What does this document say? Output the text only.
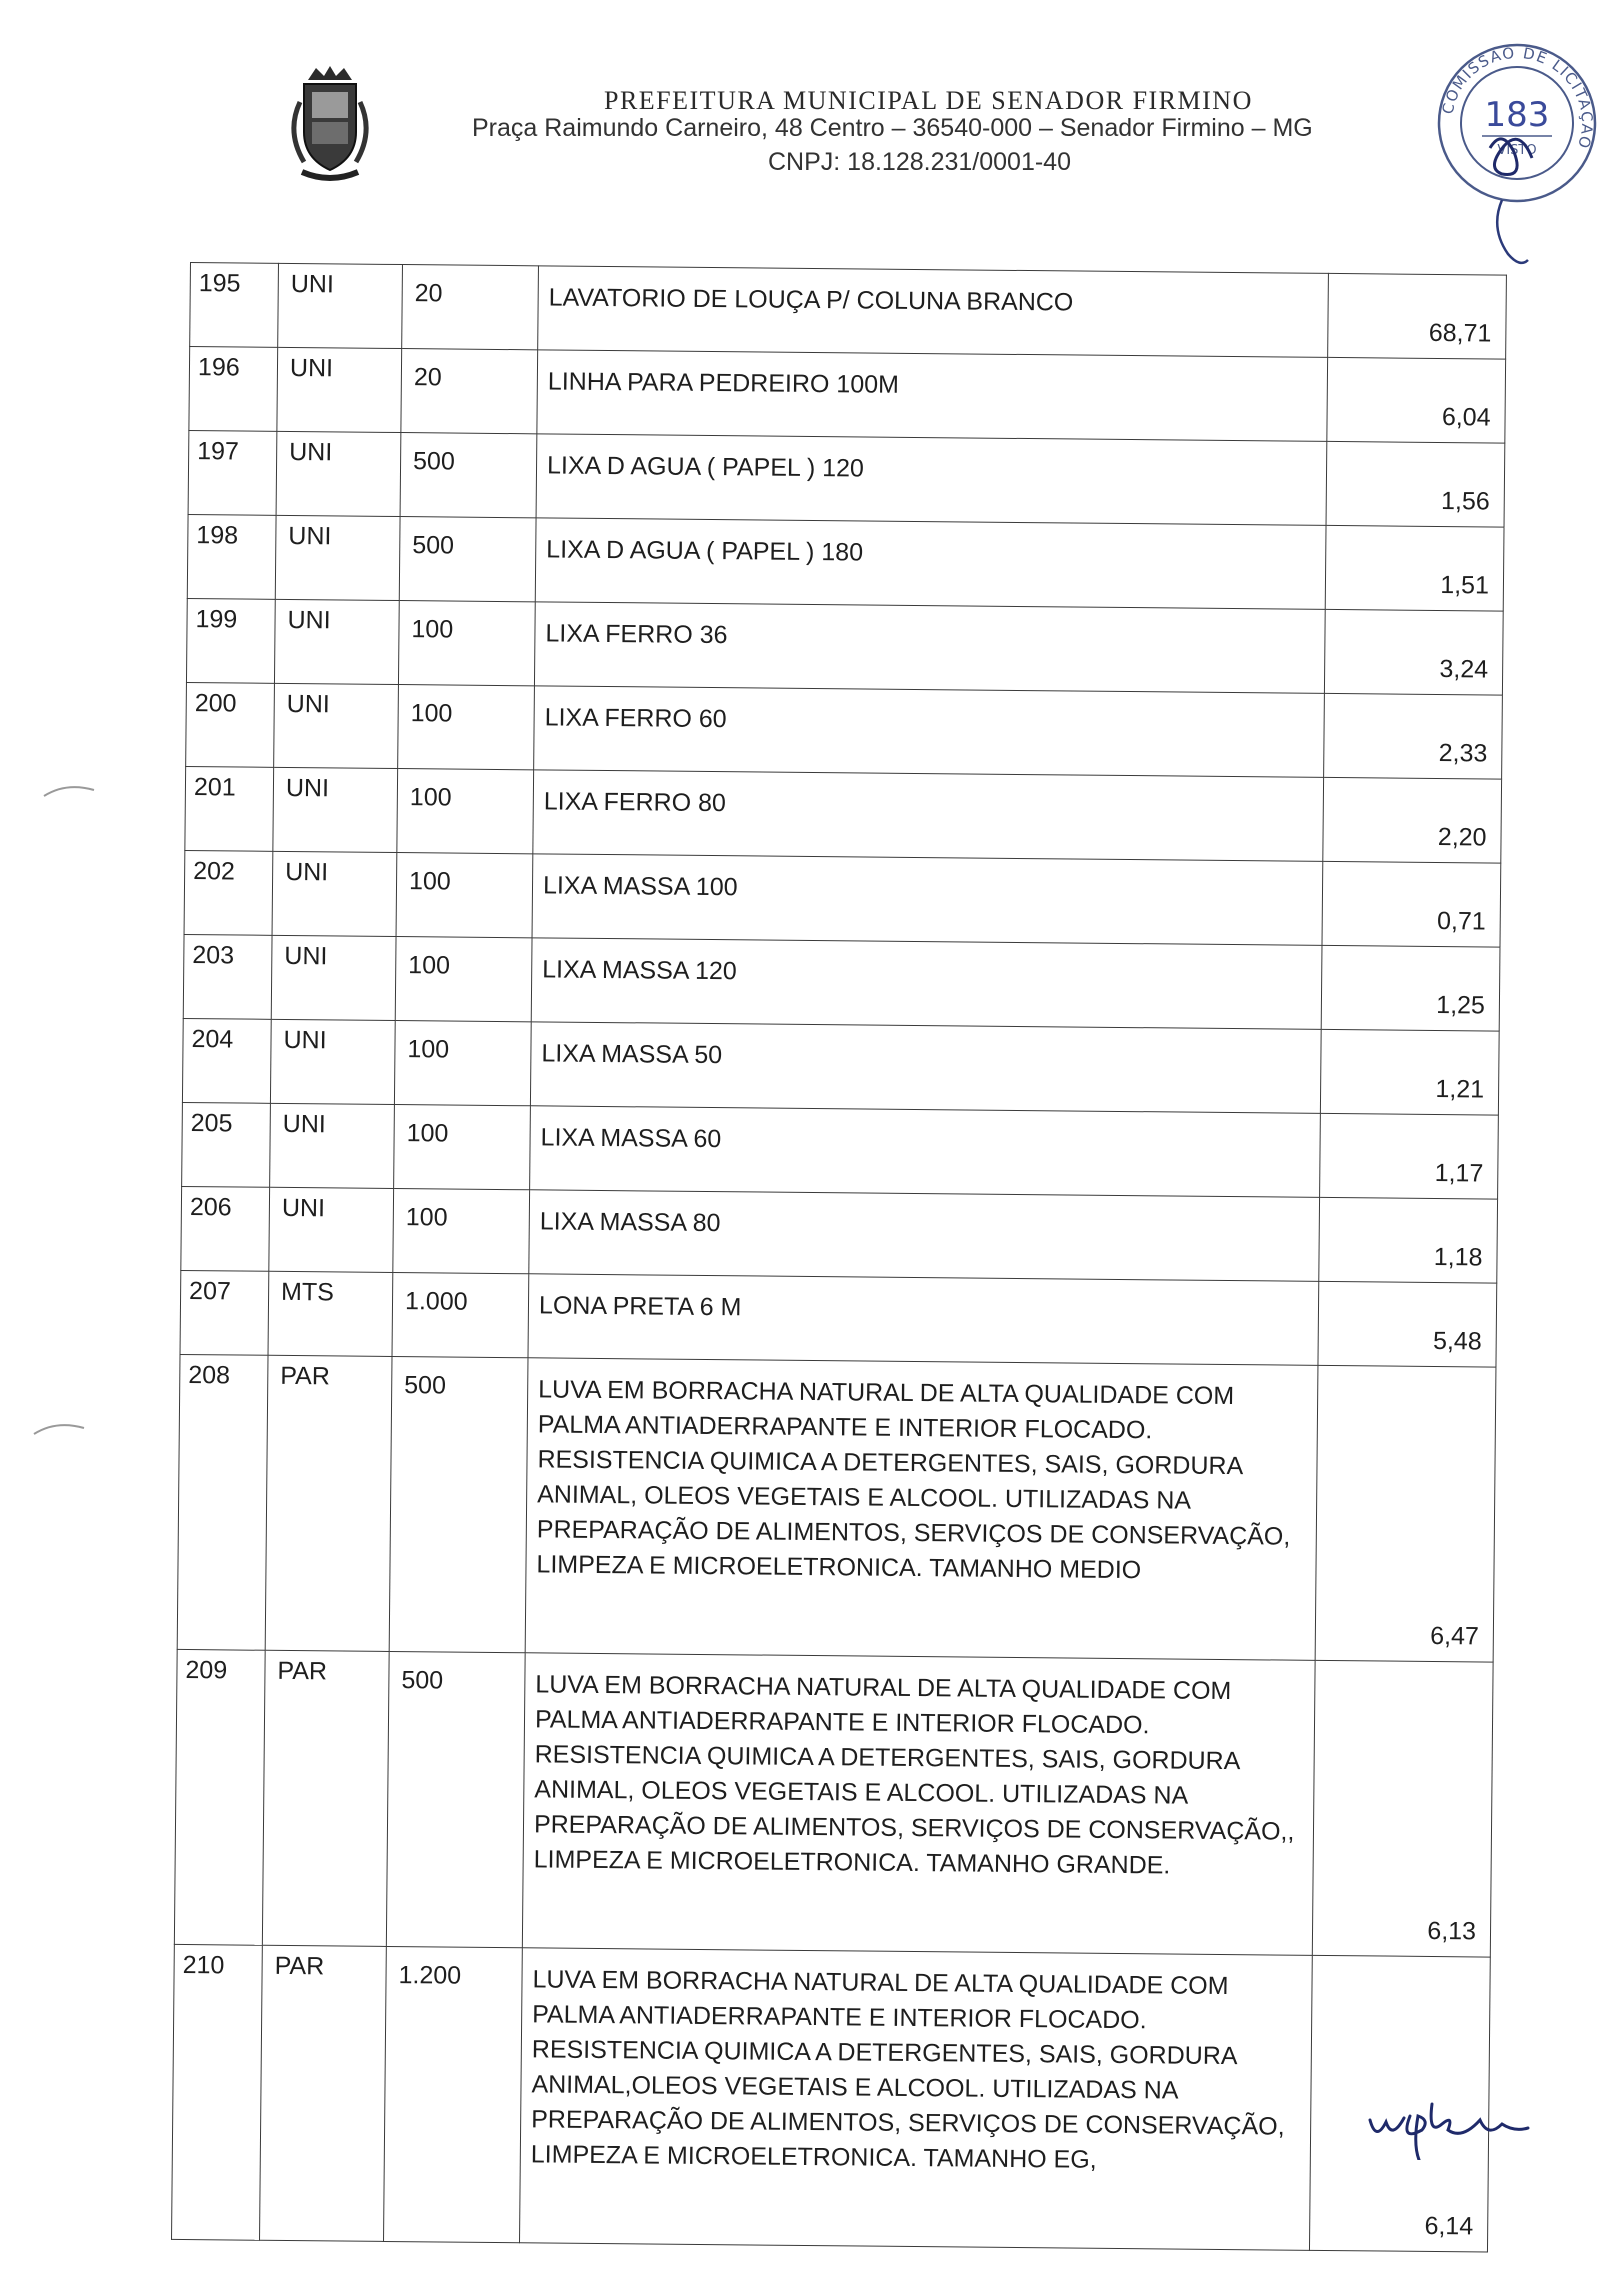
PREFEITURA MUNICIPAL DE SENADOR FIRMINO
Praça Raimundo Carneiro, 48 Centro – 36540-000 – Senador Firmino – MG
CNPJ: 18.128.231/0001-40
COMISSÃO DE LICITAÇÃO
183
VISTO
195	UNI	20	LAVATORIO DE LOUÇA P/ COLUNA BRANCO	68,71
196	UNI	20	LINHA PARA PEDREIRO 100M	6,04
197	UNI	500	LIXA D AGUA ( PAPEL ) 120	1,56
198	UNI	500	LIXA D AGUA ( PAPEL ) 180	1,51
199	UNI	100	LIXA FERRO 36	3,24
200	UNI	100	LIXA FERRO 60	2,33
201	UNI	100	LIXA FERRO 80	2,20
202	UNI	100	LIXA MASSA 100	0,71
203	UNI	100	LIXA MASSA 120	1,25
204	UNI	100	LIXA MASSA 50	1,21
205	UNI	100	LIXA MASSA 60	1,17
206	UNI	100	LIXA MASSA 80	1,18
207	MTS	1.000	LONA PRETA 6 M	5,48
208	PAR	500	LUVA EM BORRACHA NATURAL DE ALTA QUALIDADE COM PALMA ANTIADERRAPANTE E INTERIOR FLOCADO. RESISTENCIA QUIMICA A DETERGENTES, SAIS, GORDURA ANIMAL, OLEOS VEGETAIS E ALCOOL. UTILIZADAS NA PREPARAÇÃO DE ALIMENTOS, SERVIÇOS DE CONSERVAÇÃO, LIMPEZA E MICROELETRONICA. TAMANHO MEDIO	6,47
209	PAR	500	LUVA EM BORRACHA NATURAL DE ALTA QUALIDADE COM PALMA ANTIADERRAPANTE E INTERIOR FLOCADO. RESISTENCIA QUIMICA A DETERGENTES, SAIS, GORDURA ANIMAL, OLEOS VEGETAIS E ALCOOL. UTILIZADAS NA PREPARAÇÃO DE ALIMENTOS, SERVIÇOS DE CONSERVAÇÃO,, LIMPEZA E MICROELETRONICA. TAMANHO GRANDE.	6,13
210	PAR	1.200	LUVA EM BORRACHA NATURAL DE ALTA QUALIDADE COM PALMA ANTIADERRAPANTE E INTERIOR FLOCADO. RESISTENCIA QUIMICA A DETERGENTES, SAIS, GORDURA ANIMAL,OLEOS VEGETAIS E ALCOOL. UTILIZADAS NA PREPARAÇÃO DE ALIMENTOS, SERVIÇOS DE CONSERVAÇÃO, LIMPEZA E MICROELETRONICA. TAMANHO EG,	6,14
